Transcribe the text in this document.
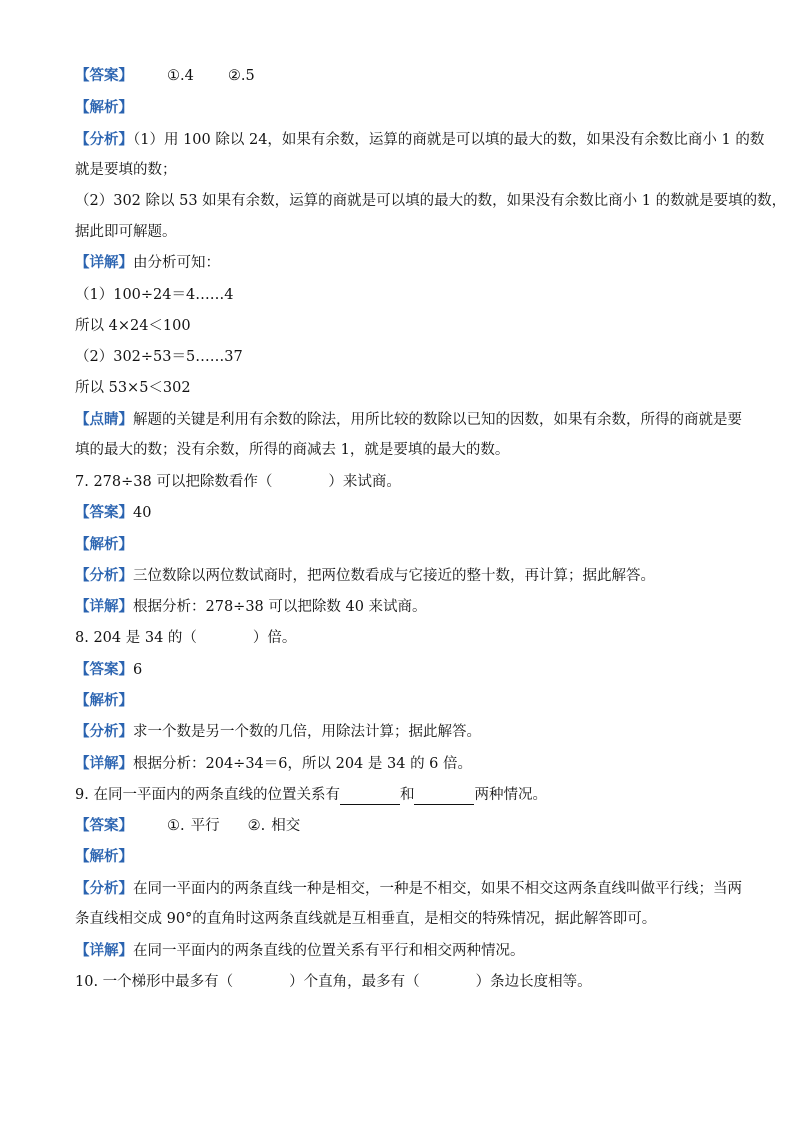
【答案】 ①.4 ②.5
【解析】
【分析】（1）用 100 除以 24，如果有余数，运算的商就是可以填的最大的数，如果没有余数比商小 1 的数
就是要填的数；
（2）302 除以 53 如果有余数，运算的商就是可以填的最大的数，如果没有余数比商小 1 的数就是要填的数，
据此即可解题。
【详解】由分析可知：
（1）100÷24＝4……4
所以 4×24＜100
（2）302÷53＝5……37
所以 53×5＜302
【点睛】解题的关键是利用有余数的除法，用所比较的数除以已知的因数，如果有余数，所得的商就是要
填的最大的数；没有余数，所得的商减去 1，就是要填的最大的数。
7. 278÷38 可以把除数看作（	）来试商。
【答案】40
【解析】
【分析】三位数除以两位数试商时，把两位数看成与它接近的整十数，再计算；据此解答。
【详解】根据分析：278÷38 可以把除数 40 来试商。
8. 204 是 34 的（	）倍。
【答案】6
【解析】
【分析】求一个数是另一个数的几倍，用除法计算；据此解答。
【详解】根据分析：204÷34＝6，所以 204 是 34 的 6 倍。
9. 在同一平面内的两条直线的位置关系有	和	两种情况。
【答案】 ①. 平行 ②. 相交
【解析】
【分析】在同一平面内的两条直线一种是相交，一种是不相交，如果不相交这两条直线叫做平行线；当两
条直线相交成 90°的直角时这两条直线就是互相垂直，是相交的特殊情况，据此解答即可。
【详解】在同一平面内的两条直线的位置关系有平行和相交两种情况。
10. 一个梯形中最多有（	）个直角，最多有（	）条边长度相等。
